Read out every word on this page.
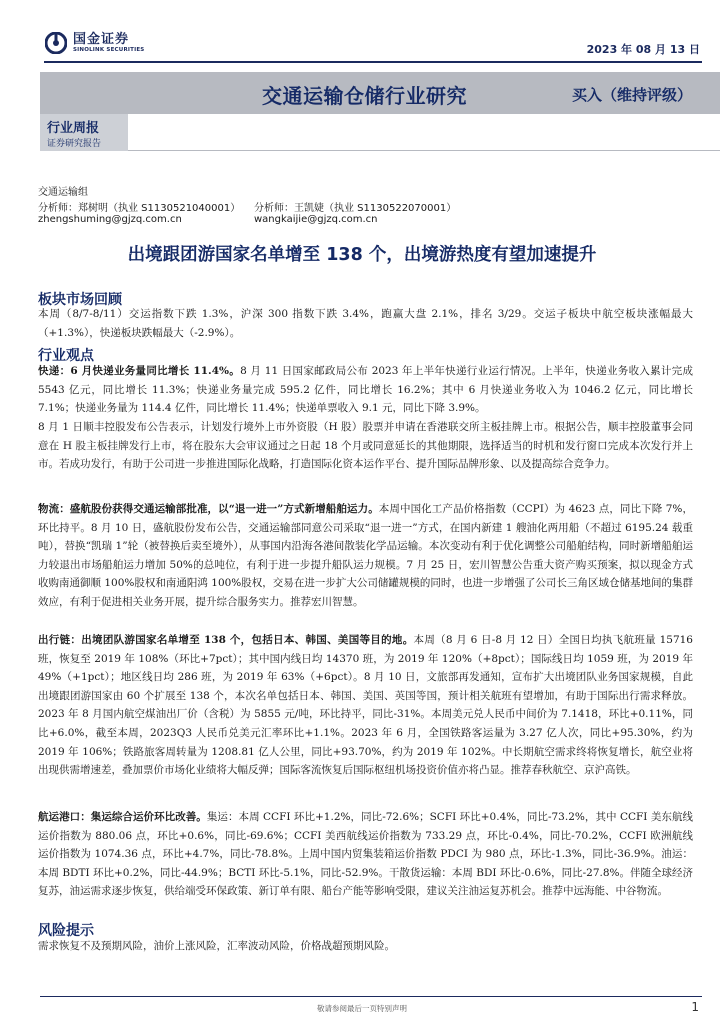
国金证券
SINOLINK SECURITIES	2023 年 08 月 13 日
交通运输仓储行业研究	买入（维持评级）
行业周报
证券研究报告
交通运输组
分析师：郑树明（执业 S1130521040001） 分析师：王凯婕（执业 S1130522070001）
zhengshuming@gjzq.com.cn	wangkaijie@gjzq.com.cn
出境跟团游国家名单增至 138 个，出境游热度有望加速提升
板块市场回顾
本周（8/7-8/11）交运指数下跌 1.3%，沪深 300 指数下跌 3.4%，跑赢大盘 2.1%，排名 3/29。交运子板块中航空板块涨幅最大（+1.3%），快递板块跌幅最大（-2.9%）。
行业观点
快递：6 月快递业务量同比增长 11.4%。8 月 11 日国家邮政局公布 2023 年上半年快递行业运行情况。上半年，快递业务收入累计完成 5543 亿元，同比增长 11.3%；快递业务量完成 595.2 亿件，同比增长 16.2%；其中 6 月快递业务收入为 1046.2 亿元，同比增长 7.1%；快递业务量为 114.4 亿件，同比增长 11.4%；快递单票收入 9.1 元，同比下降 3.9%。
8 月 1 日顺丰控股发布公告表示，计划发行境外上市外资股（H 股）股票并申请在香港联交所主板挂牌上市。根据公告，顺丰控股董事会同意在 H 股主板挂牌发行上市，将在股东大会审议通过之日起 18 个月或同意延长的其他期限，选择适当的时机和发行窗口完成本次发行并上市。若成功发行，有助于公司进一步推进国际化战略，打造国际化资本运作平台、提升国际品牌形象、以及提高综合竞争力。
物流：盛航股份获得交通运输部批准，以“退一进一”方式新增船舶运力。本周中国化工产品价格指数（CCPI）为 4623 点，同比下降 7%，环比持平。8 月 10 日，盛航股份发布公告，交通运输部同意公司采取“退一进一”方式，在国内新建 1 艘油化两用船（不超过 6195.24 载重吨），替换“凯瑞 1”轮（被替换后卖至境外），从事国内沿海各港间散装化学品运输。本次变动有利于优化调整公司船舶结构，同时新增船舶运力较退出市场船舶运力增加 50%的总吨位，有利于进一步提升船队运力规模。7 月 25 日，宏川智慧公告重大资产购买预案，拟以现金方式收购南通御顺 100%股权和南通阳鸿 100%股权，交易在进一步扩大公司储罐规模的同时，也进一步增强了公司长三角区域仓储基地间的集群效应，有利于促进相关业务开展，提升综合服务实力。推荐宏川智慧。
出行链：出境团队游国家名单增至 138 个，包括日本、韩国、美国等目的地。本周（8 月 6 日-8 月 12 日）全国日均执飞航班量 15716 班，恢复至 2019 年 108%（环比+7pct）；其中国内线日均 14370 班，为 2019 年 120%（+8pct）；国际线日均 1059 班，为 2019 年 49%（+1pct）；地区线日均 286 班，为 2019 年 63%（+6pct）。8 月 10 日，文旅部再发通知，宣布扩大出境团队业务国家规模，自此出境跟团游国家由 60 个扩展至 138 个，本次名单包括日本、韩国、美国、英国等国，预计相关航班有望增加，有助于国际出行需求释放。2023 年 8 月国内航空煤油出厂价（含税）为 5855 元/吨，环比持平，同比-31%。本周美元兑人民币中间价为 7.1418，环比+0.11%，同比+6.0%，截至本周，2023Q3 人民币兑美元汇率环比+1.1%。2023 年 6 月，全国铁路客运量为 3.27 亿人次，同比+95.30%，约为 2019 年 106%；铁路旅客周转量为 1208.81 亿人公里，同比+93.70%，约为 2019 年 102%。中长期航空需求终将恢复增长，航空业将出现供需增速差，叠加票价市场化业绩将大幅反弹；国际客流恢复后国际枢纽机场投资价值亦将凸显。推荐春秋航空、京沪高铁。
航运港口：集运综合运价环比改善。集运：本周 CCFI 环比+1.2%，同比-72.6%；SCFI 环比+0.4%，同比-73.2%，其中 CCFI 美东航线运价指数为 880.06 点，环比+0.6%，同比-69.6%；CCFI 美西航线运价指数为 733.29 点，环比-0.4%，同比-70.2%，CCFI 欧洲航线运价指数为 1074.36 点，环比+4.7%，同比-78.8%。上周中国内贸集装箱运价指数 PDCI 为 980 点，环比-1.3%，同比-36.9%。油运：本周 BDTI 环比+0.2%，同比-44.9%；BCTI 环比-5.1%，同比-52.9%。干散货运输：本周 BDI 环比-0.6%，同比-27.8%。伴随全球经济复苏，油运需求逐步恢复，供给端受环保政策、新订单有限、船台产能等影响受限，建议关注油运复苏机会。推荐中远海能、中谷物流。
风险提示
需求恢复不及预期风险，油价上涨风险，汇率波动风险，价格战超预期风险。
敬请参阅最后一页特别声明	1
